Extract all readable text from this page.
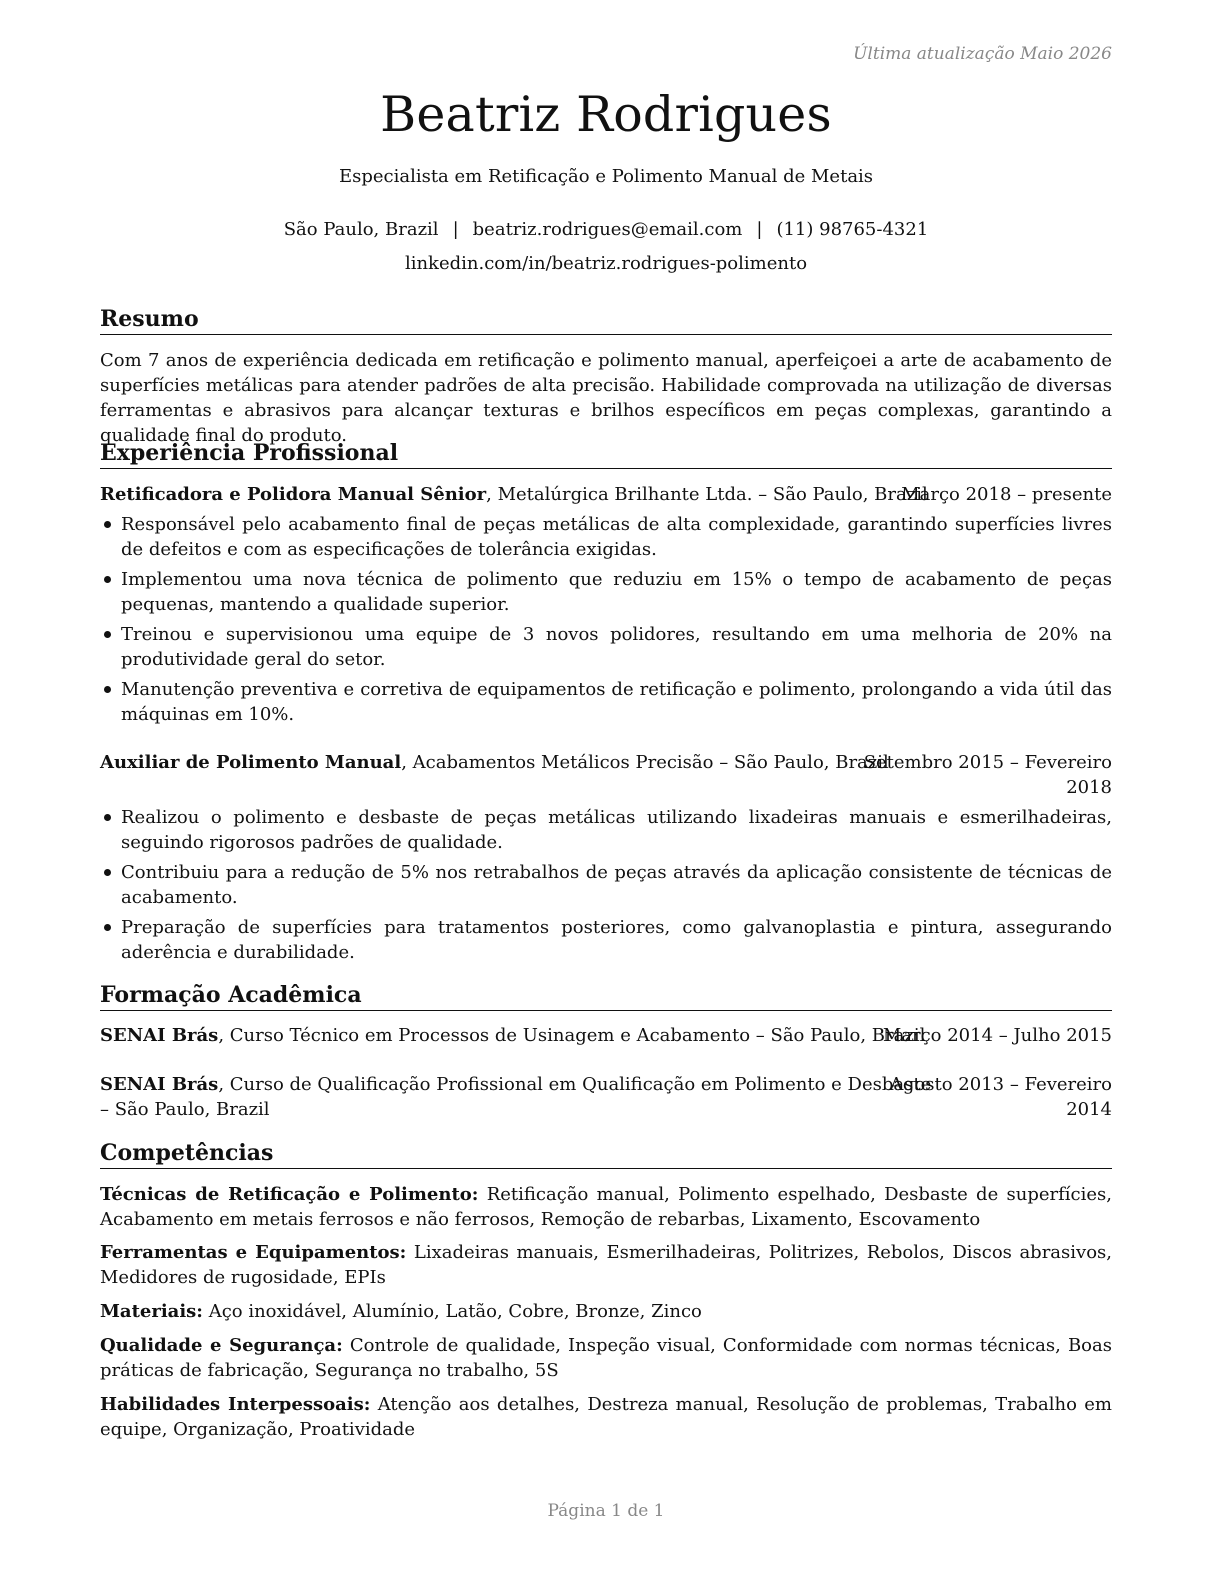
Última atualização Maio 2026
Beatriz Rodrigues
Especialista em Retificação e Polimento Manual de Metais
São Paulo, Brazil | beatriz.rodrigues@email.com | (11) 98765-4321
linkedin.com/in/beatriz.rodrigues-polimento
Resumo
Com 7 anos de experiência dedicada em retificação e polimento manual, aperfeiçoei a arte de acabamento de superfícies metálicas para atender padrões de alta precisão. Habilidade comprovada na utilização de diversas ferramentas e abrasivos para alcançar texturas e brilhos específicos em peças complexas, garantindo a qualidade final do produto.
Experiência Profissional
Retificadora e Polidora Manual Sênior, Metalúrgica Brilhante Ltda. – São Paulo, Brazil
Março 2018 – presente
Responsável pelo acabamento final de peças metálicas de alta complexidade, garantindo superfícies livres de defeitos e com as especificações de tolerância exigidas.
Implementou uma nova técnica de polimento que reduziu em 15% o tempo de acabamento de peças pequenas, mantendo a qualidade superior.
Treinou e supervisionou uma equipe de 3 novos polidores, resultando em uma melhoria de 20% na produtividade geral do setor.
Manutenção preventiva e corretiva de equipamentos de retificação e polimento, prolongando a vida útil das máquinas em 10%.
Auxiliar de Polimento Manual, Acabamentos Metálicos Precisão – São Paulo, Brazil
Setembro 2015 – Fevereiro
2018
Realizou o polimento e desbaste de peças metálicas utilizando lixadeiras manuais e esmerilhadeiras, seguindo rigorosos padrões de qualidade.
Contribuiu para a redução de 5% nos retrabalhos de peças através da aplicação consistente de técnicas de acabamento.
Preparação de superfícies para tratamentos posteriores, como galvanoplastia e pintura, assegurando aderência e durabilidade.
Formação Acadêmica
SENAI Brás, Curso Técnico em Processos de Usinagem e Acabamento – São Paulo, Brazil
Março 2014 – Julho 2015
SENAI Brás, Curso de Qualificação Profissional em Qualificação em Polimento e Desbaste
– São Paulo, Brazil
Agosto 2013 – Fevereiro
2014
Competências
Técnicas de Retificação e Polimento: Retificação manual, Polimento espelhado, Desbaste de superfícies, Acabamento em metais ferrosos e não ferrosos, Remoção de rebarbas, Lixamento, Escovamento
Ferramentas e Equipamentos: Lixadeiras manuais, Esmerilhadeiras, Politrizes, Rebolos, Discos abrasivos, Medidores de rugosidade, EPIs
Materiais: Aço inoxidável, Alumínio, Latão, Cobre, Bronze, Zinco
Qualidade e Segurança: Controle de qualidade, Inspeção visual, Conformidade com normas técnicas, Boas práticas de fabricação, Segurança no trabalho, 5S
Habilidades Interpessoais: Atenção aos detalhes, Destreza manual, Resolução de problemas, Trabalho em equipe, Organização, Proatividade
Página 1 de 1
